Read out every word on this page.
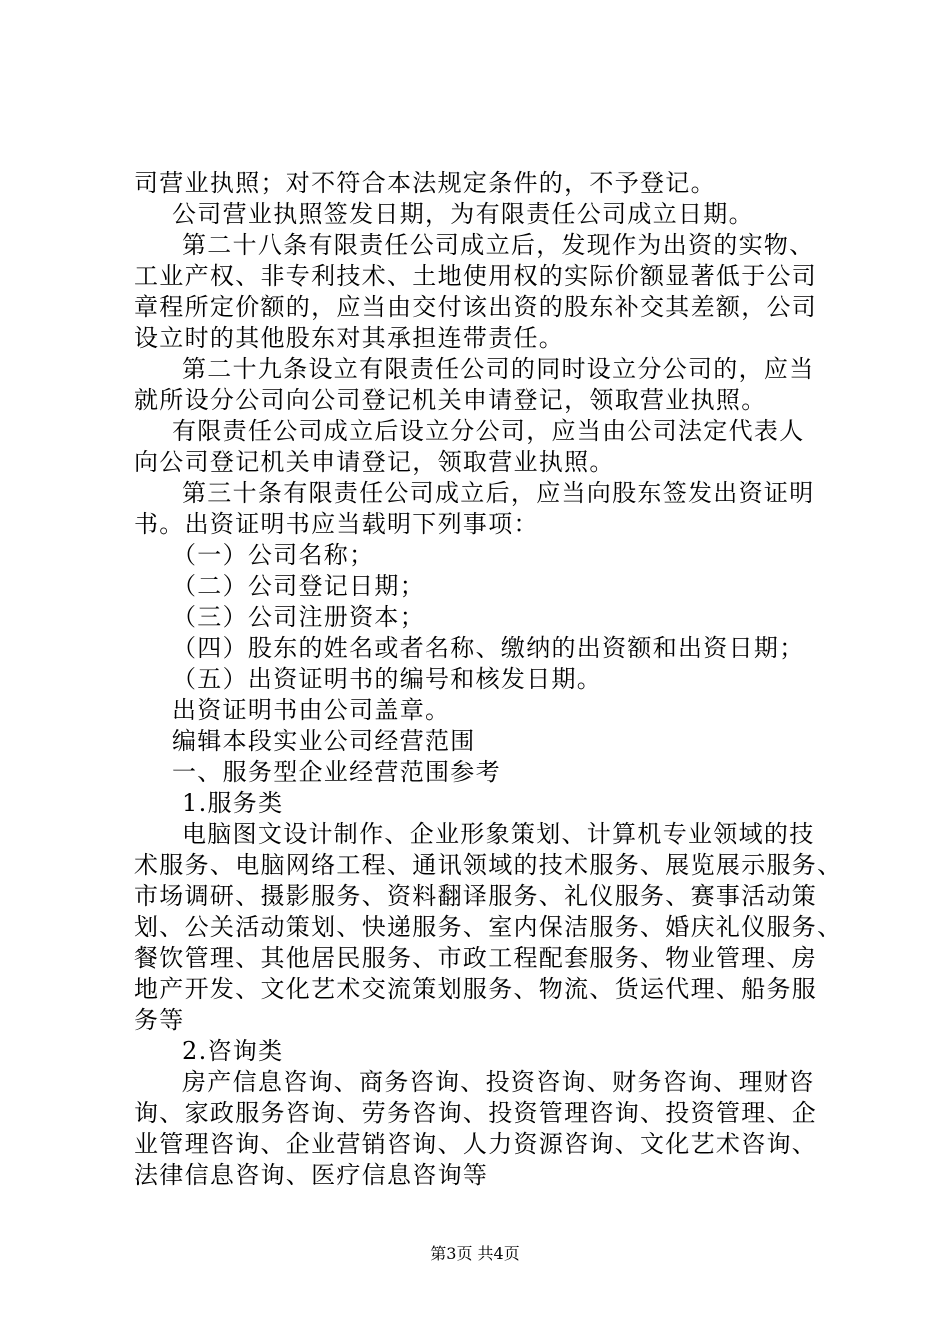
司营业执照；对不符合本法规定条件的，不予登记。
公司营业执照签发日期，为有限责任公司成立日期。
第二十八条有限责任公司成立后，发现作为出资的实物、
工业产权、非专利技术、土地使用权的实际价额显著低于公司
章程所定价额的，应当由交付该出资的股东补交其差额，公司
设立时的其他股东对其承担连带责任。
第二十九条设立有限责任公司的同时设立分公司的，应当
就所设分公司向公司登记机关申请登记，领取营业执照。
有限责任公司成立后设立分公司，应当由公司法定代表人
向公司登记机关申请登记，领取营业执照。
第三十条有限责任公司成立后，应当向股东签发出资证明
书。出资证明书应当载明下列事项：
（一）公司名称；
（二）公司登记日期；
（三）公司注册资本；
（四）股东的姓名或者名称、缴纳的出资额和出资日期；
（五）出资证明书的编号和核发日期。
出资证明书由公司盖章。
编辑本段实业公司经营范围
一、服务型企业经营范围参考
1.服务类
电脑图文设计制作、企业形象策划、计算机专业领域的技
术服务、电脑网络工程、通讯领域的技术服务、展览展示服务、
市场调研、摄影服务、资料翻译服务、礼仪服务、赛事活动策
划、公关活动策划、快递服务、室内保洁服务、婚庆礼仪服务、
餐饮管理、其他居民服务、市政工程配套服务、物业管理、房
地产开发、文化艺术交流策划服务、物流、货运代理、船务服
务等
2.咨询类
房产信息咨询、商务咨询、投资咨询、财务咨询、理财咨
询、家政服务咨询、劳务咨询、投资管理咨询、投资管理、企
业管理咨询、企业营销咨询、人力资源咨询、文化艺术咨询、
法律信息咨询、医疗信息咨询等
第3页 共4页
